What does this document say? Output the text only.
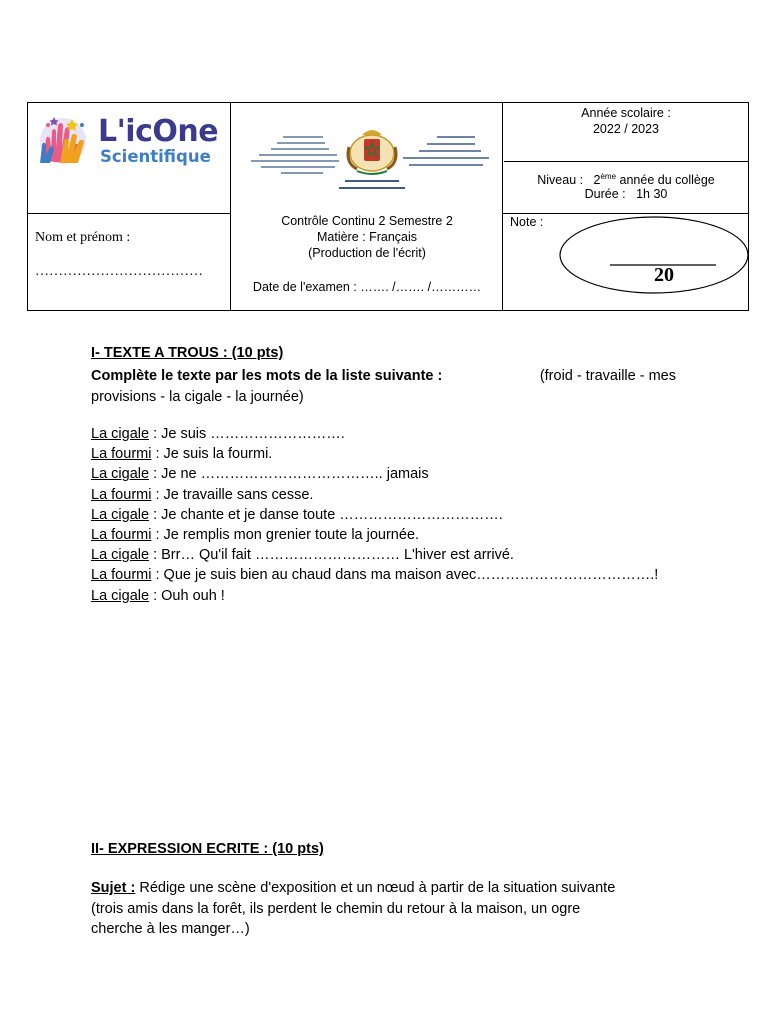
L'icOne
Scientifique
Année scolaire :
2022 / 2023
Niveau : 2ème année du collège
Durée : 1h 30
Nom et prénom :
………………………………
Contrôle Continu 2 Semestre 2
Matière : Français
(Production de l'écrit)
Date de l'examen : ……. /……. /…………
Note :
20
I- TEXTE A TROUS : (10 pts)
Complète le texte par les mots de la liste suivante :	(froid - travaille - mes
provisions - la cigale - la journée)
La cigale : Je suis ……………………….
La fourmi : Je suis la fourmi.
La cigale : Je ne ……………………………….. jamais
La fourmi : Je travaille sans cesse.
La cigale : Je chante et je danse toute …………………………….
La fourmi : Je remplis mon grenier toute la journée.
La cigale : Brr… Qu'il fait ………………………… L'hiver est arrivé.
La fourmi : Que je suis bien au chaud dans ma maison avec……………………………….!
La cigale : Ouh ouh !
II- EXPRESSION ECRITE : (10 pts)
Sujet : Rédige une scène d'exposition et un nœud à partir de la situation suivante
(trois amis dans la forêt, ils perdent le chemin du retour à la maison, un ogre
cherche à les manger…)
